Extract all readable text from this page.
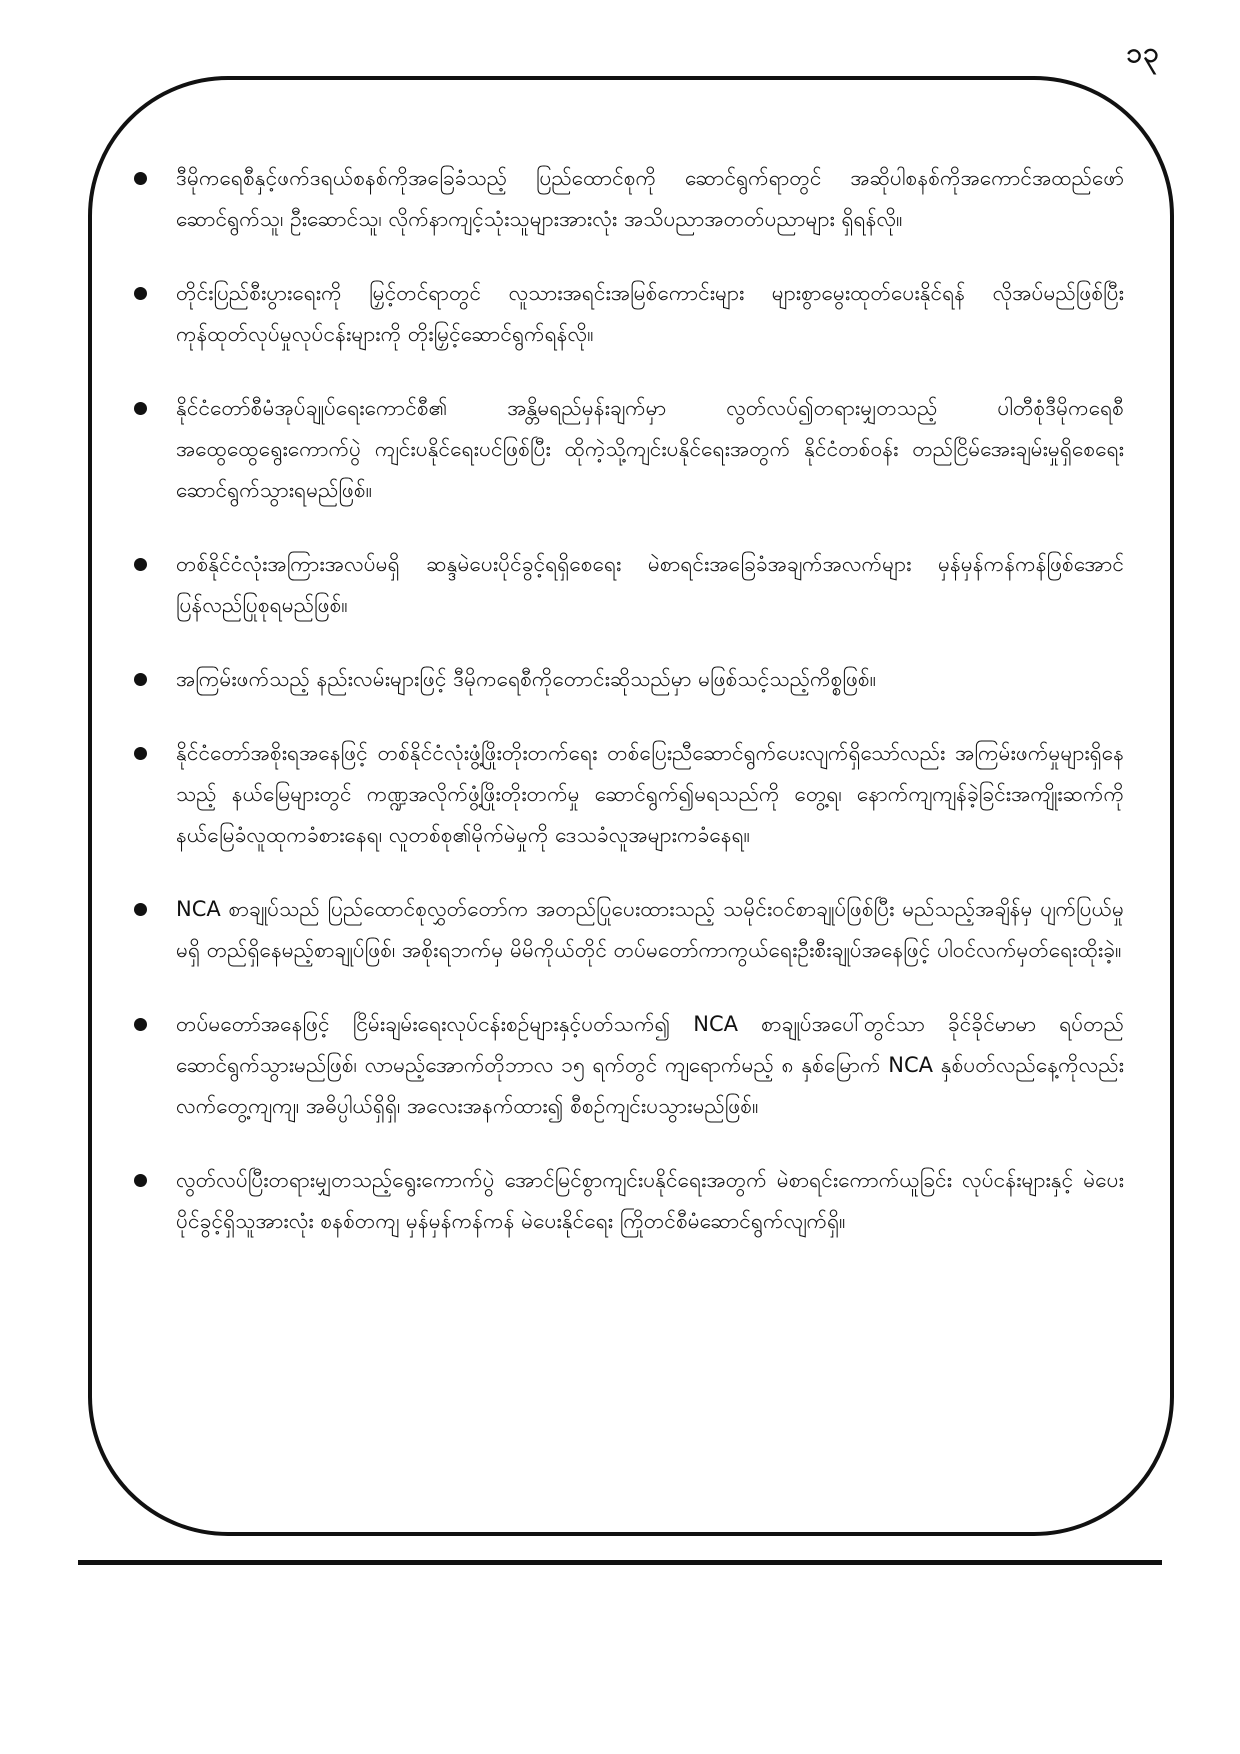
၁၃
ဒီမိုကရေစီနှင့်ဖက်ဒရယ်စနစ်ကိုအခြေခံသည့် ပြည်ထောင်စုကို ဆောင်ရွက်ရာတွင် အဆိုပါစနစ်ကိုအကောင်အထည်ဖော်ဆောင်ရွက်သူ၊ ဦးဆောင်သူ၊ လိုက်နာကျင့်သုံးသူများအားလုံး အသိပညာအတတ်ပညာများ ရှိရန်လို။
တိုင်းပြည်စီးပွားရေးကို မြှင့်တင်ရာတွင် လူသားအရင်းအမြစ်ကောင်းများ များစွာမွေးထုတ်ပေးနိုင်ရန် လိုအပ်မည်ဖြစ်ပြီး ကုန်ထုတ်လုပ်မှုလုပ်ငန်းများကို တိုးမြှင့်ဆောင်ရွက်ရန်လို။
နိုင်ငံတော်စီမံအုပ်ချုပ်ရေးကောင်စီ၏ အန္တိမရည်မှန်းချက်မှာ လွတ်လပ်၍တရားမျှတသည့် ပါတီစုံဒီမိုကရေစီ အထွေထွေရွေးကောက်ပွဲ ကျင်းပနိုင်ရေးပင်ဖြစ်ပြီး ထိုကဲ့သို့ကျင်းပနိုင်ရေးအတွက် နိုင်ငံတစ်ဝန်း တည်ငြိမ်အေးချမ်းမှုရှိစေရေး ဆောင်ရွက်သွားရမည်ဖြစ်။
တစ်နိုင်ငံလုံးအကြားအလပ်မရှိ ဆန္ဒမဲပေးပိုင်ခွင့်ရရှိစေရေး မဲစာရင်းအခြေခံအချက်အလက်များ မှန်မှန်ကန်ကန်ဖြစ်အောင် ပြန်လည်ပြုစုရမည်ဖြစ်။
အကြမ်းဖက်သည့် နည်းလမ်းများဖြင့် ဒီမိုကရေစီကိုတောင်းဆိုသည်မှာ မဖြစ်သင့်သည့်ကိစ္စဖြစ်။
နိုင်ငံတော်အစိုးရအနေဖြင့် တစ်နိုင်ငံလုံးဖွံ့ဖြိုးတိုးတက်ရေး တစ်ပြေးညီဆောင်ရွက်ပေးလျက်ရှိသော်လည်း အကြမ်းဖက်မှုများရှိနေသည့် နယ်မြေများတွင် ကဏ္ဍအလိုက်ဖွံ့ဖြိုးတိုးတက်မှု ဆောင်ရွက်၍မရသည်ကို တွေ့ရ၊ နောက်ကျကျန်ခဲ့ခြင်းအကျိုးဆက်ကို နယ်မြေခံလူထုကခံစားနေရ၊ လူတစ်စု၏မိုက်မဲမှုကို ဒေသခံလူအများကခံနေရ။
NCA စာချုပ်သည် ပြည်ထောင်စုလွှတ်တော်က အတည်ပြုပေးထားသည့် သမိုင်းဝင်စာချုပ်ဖြစ်ပြီး မည်သည့်အချိန်မှ ပျက်ပြယ်မှုမရှိ တည်ရှိနေမည့်စာချုပ်ဖြစ်၊ အစိုးရဘက်မှ မိမိကိုယ်တိုင် တပ်မတော်ကာကွယ်ရေးဦးစီးချုပ်အနေဖြင့် ပါဝင်လက်မှတ်ရေးထိုးခဲ့။
တပ်မတော်အနေဖြင့် ငြိမ်းချမ်းရေးလုပ်ငန်းစဉ်များနှင့်ပတ်သက်၍ NCA စာချုပ်အပေါ်တွင်သာ ခိုင်ခိုင်မာမာ ရပ်တည်ဆောင်ရွက်သွားမည်ဖြစ်၊ လာမည့်အောက်တိုဘာလ ၁၅ ရက်တွင် ကျရောက်မည့် ၈ နှစ်မြောက် NCA နှစ်ပတ်လည်နေ့ကိုလည်း လက်တွေ့ကျကျ၊ အဓိပ္ပါယ်ရှိရှိ၊ အလေးအနက်ထား၍ စီစဉ်ကျင်းပသွားမည်ဖြစ်။
လွတ်လပ်ပြီးတရားမျှတသည့်ရွေးကောက်ပွဲ အောင်မြင်စွာကျင်းပနိုင်ရေးအတွက် မဲစာရင်းကောက်ယူခြင်း လုပ်ငန်းများနှင့် မဲပေးပိုင်ခွင့်ရှိသူအားလုံး စနစ်တကျ မှန်မှန်ကန်ကန် မဲပေးနိုင်ရေး ကြိုတင်စီမံဆောင်ရွက်လျက်ရှိ။
